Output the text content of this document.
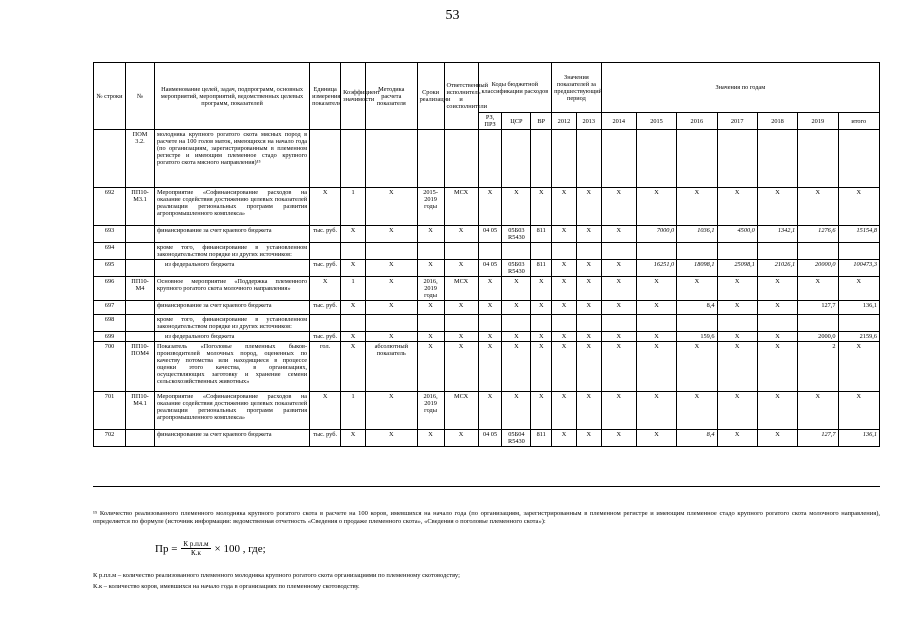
53
№ строки	№	Наименование целей, задач, подпрограмм, основных мероприятий, мероприятий, ведомственных целевых программ, показателей	Единица измерения показателя	Коэффициент значимости	Методика расчета показателя	Сроки реализации	Ответственный исполнитель и соисполнители	Коды бюджетной классификации расходов			Значения показателей за предшествующий период		Значения по годам						
								РЗ, ПРЗ	ЦСР	ВР	2012	2013	2014	2015	2016	2017	2018	2019	итого
	ПОМ 3.2.	молодняка крупного рогатого скота мясных пород в расчете на 100 голов маток, имеющихся на начало года (по организациям, зарегистрированным в племенном регистре и имеющим племенное стадо крупного рогатого скота мясного направления)¹⁵																	
692	ПП10-М3.1	Мероприятие «Софинансирование расходов на оказание содействия достижению целевых показателей реализации региональных программ развития агропромышленного комплекса»	X	1	X	2015-2019 годы	МСХ	X	X	X	X	X	X	X	X	X	X	X	X
693		финансирование за счет краевого бюджета	тыс. руб.	X	X	X	X	04 05	05Б03 R5430	811	X	X	X	7000,0	1036,1	4500,0	1342,1	1276,6	15154,8
694		кроме того, финансирование в установленном законодательством порядке из других источников:																	
695		из федерального бюджета	тыс. руб.	X	X	X	X	04 05	05Б03 R5430	811	X	X	X	16251,0	18098,1	25098,1	21026,1	20000,0	100473,3
696	ПП10-М4	Основное мероприятие «Поддержка племенного крупного рогатого скота молочного направления»	X	1	X	2016, 2019 годы	МСХ	X	X	X	X	X	X	X	X	X	X	X	X
697		финансирование за счет краевого бюджета	тыс. руб.	X	X	X	X	X	X	X	X	X	X	X	8,4	X	X	127,7	136,1
698		кроме того, финансирование в установленном законодательством порядке из других источников:																	
699		из федерального бюджета	тыс. руб.	X	X	X	X	X	X	X	X	X	X	X	159,6	X	X	2000,0	2159,6
700	ПП10-ПОМ4	Показатель «Поголовье племенных быков-производителей молочных пород, оцененных по качеству потомства или находящиеся в процессе оценки этого качества, в организациях, осуществляющих заготовку и хранение семени сельскохозяйственных животных»	гол.	X	абсолютный показатель	X	X	X	X	X	X	X	X	X	X	X	X	2	X
701	ПП10-М4.1	Мероприятие «Софинансирование расходов на оказание содействия достижению целевых показателей реализации региональных программ развития агропромышленного комплекса»	X	1	X	2016, 2019 годы	МСХ	X	X	X	X	X	X	X	X	X	X	X	X
702		финансирование за счет краевого бюджета	тыс. руб.	X	X	X	X	04 05	05Б04 R5430	811	X	X	X	X	8,4	X	X	127,7	136,1
¹⁵ Количество реализованного племенного молодняка крупного рогатого скота в расчете на 100 коров, имевшихся на начало года (по организациям, зарегистрированным в племенном регистре и имеющим племенное стадо крупного рогатого скота молочного направления), определяется по формуле (источник информации: ведомственная отчетность «Сведения о продаже племенного скота», «Сведения о поголовье племенного скота»):
Пр = $\frac{\text{К р.пл.м}}{К.к} \times 100$ , где;
К р.пл.м – количество реализованного племенного молодняка крупного рогатого скота организациями по племенному скотоводству;
К.к – количество коров, имевшихся на начало года в организациях по племенному скотоводству.
